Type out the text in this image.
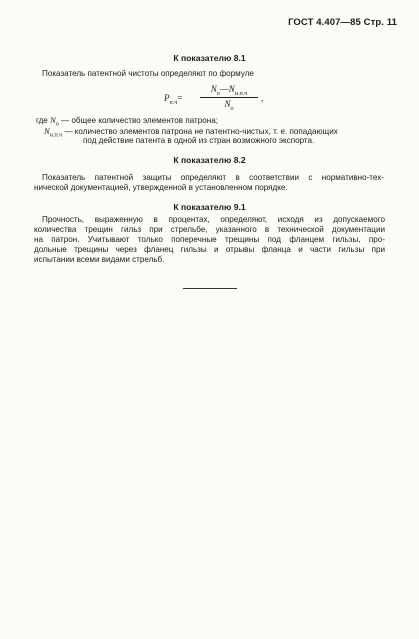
ГОСТ 4.407—85 Стр. 11
К показателю 8.1
Показатель патентной чистоты определяют по формуле
$P_{п.ч}=$
$N_о—N_{н.п.ч}$
$N_о$
,
где $N_о$ — общее количество элементов патрона;
$N_{н.п.ч}$ — количество элементов патрона не патентно-чистых, т. е. попадающих
под действие патента в одной из стран возможного экспорта.
К показателю 8.2
Показатель патентной защиты определяют в соответствии с нормативно-тех-
нической документацией, утвержденной в установленном порядке.
К показателю 9.1
Прочность, выраженную в процентах, определяют, исходя из допускаемого
количества трещин гильз при стрельбе, указанного в технической документации
на патрон. Учитывают только поперечные трещины под фланцем гильзы, про-
дольные трещины через фланец гильзы и отрывы фланца и части гильзы при
испытании всеми видами стрельб.
